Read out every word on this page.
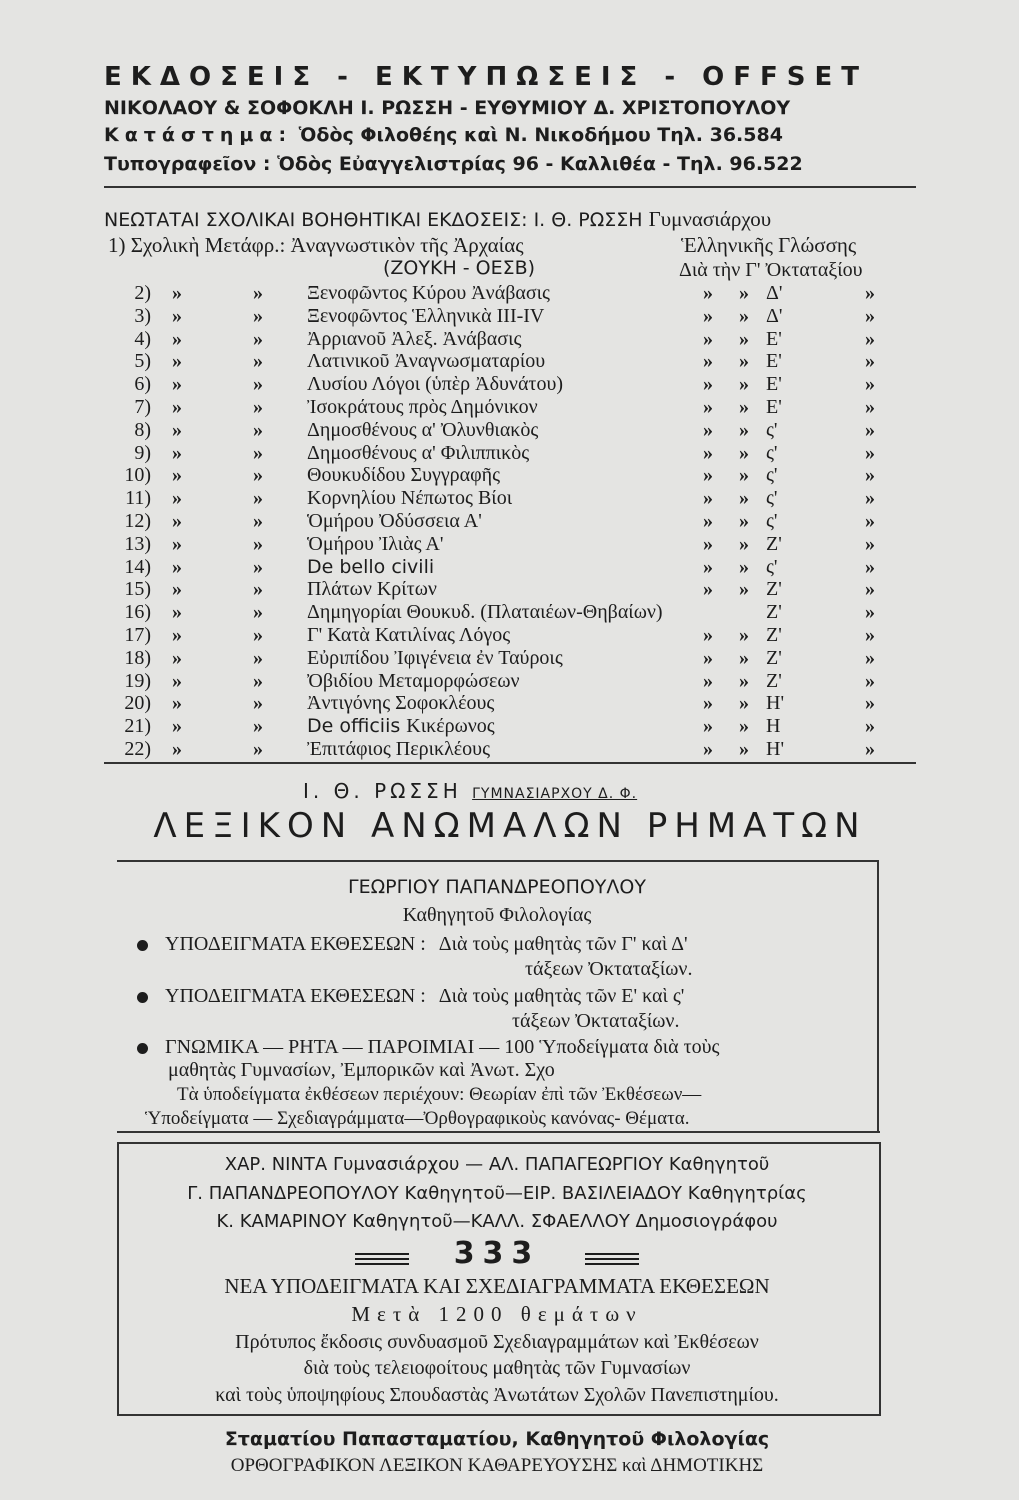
ΕΚΔΟΣΕΙΣ - ΕΚΤΥΠΩΣΕΙΣ - OFFSET
ΝΙΚΟΛΑΟΥ & ΣΟΦΟΚΛΗ Ι. ΡΩΣΣΗ - ΕΥΘΥΜΙΟΥ Δ. ΧΡΙΣΤΟΠΟΥΛΟΥ
Κατάστημα: Ὁδὸς Φιλοθέης καὶ Ν. Νικοδήμου Τηλ. 36.584
Τυπογραφεῖον : Ὁδὸς Εὐαγγελιστρίας 96 - Καλλιθέα - Τηλ. 96.522
ΝΕΩΤΑΤΑΙ ΣΧΟΛΙΚΑΙ ΒΟΗΘΗΤΙΚΑΙ ΕΚΔΟΣΕΙΣ: Ι. Θ. ΡΩΣΣΗ Γυμνασιάρχου
1) Σχολικὴ Μετάφρ.: Ἀναγνωστικὸν τῆς Ἀρχαίας	Ἑλληνικῆς Γλώσσης
(ΖΟΥΚΗ - ΟΕΣΒ)	Διὰ τὴν Γ' Ὀκταταξίου
2) »	» Ξενοφῶντος Κύρου Ἀνάβασις	» » Δ'	»
3) »	» Ξενοφῶντος Ἑλληνικὰ ΙΙΙ-ΙV	» » Δ'	»
4) »	» Ἀρριανοῦ Ἀλεξ. Ἀνάβασις	» » Ε'	»
5) »	» Λατινικοῦ Ἀναγνωσματαρίου	» » Ε'	»
6) »	» Λυσίου Λόγοι (ὑπὲρ Ἀδυνάτου)	» » Ε'	»
7) »	» Ἰσοκράτους πρὸς Δημόνικον	» » Ε'	»
8) »	» Δημοσθένους α' Ὀλυνθιακὸς	» » ς'	»
9) »	» Δημοσθένους α' Φιλιππικὸς	» » ς'	»
10) »	» Θουκυδίδου Συγγραφῆς	» » ς'	»
11) »	» Κορνηλίου Νέπωτος Βίοι	» » ς'	»
12) »	» Ὁμήρου Ὀδύσσεια Α'	» » ς'	»
13) »	» Ὁμήρου Ἰλιὰς Α'	» » Ζ'	»
14) »	» De bello civili	» » ς'	»
15) »	» Πλάτων Κρίτων	» » Ζ'	»
16) »	» Δημηγορίαι Θουκυδ. (Πλαταιέων-Θηβαίων)	Ζ'	»
17) »	» Γ' Κατὰ Κατιλίνας Λόγος	» » Ζ'	»
18) »	» Εὐριπίδου Ἰφιγένεια ἐν Ταύροις	» » Ζ'	»
19) »	» Ὀβιδίου Μεταμορφώσεων	» » Ζ'	»
20) »	» Ἀντιγόνης Σοφοκλέους	» » Η'	»
21) »	» De officiis Κικέρωνος	» » Η	»
22) »	» Ἐπιτάφιος Περικλέους	» » Η'	»
Ι. Θ. ΡΩΣΣΗ ΓΥΜΝΑΣΙΑΡΧΟΥ Δ. Φ.
ΛΕΞΙΚΟΝ ΑΝΩΜΑΛΩΝ ΡΗΜΑΤΩΝ
ΓΕΩΡΓΙΟΥ ΠΑΠΑΝΔΡΕΟΠΟΥΛΟΥ
Καθηγητοῦ Φιλολογίας
ΥΠΟΔΕΙΓΜΑΤΑ ΕΚΘΕΣΕΩΝ : Διὰ τοὺς μαθητὰς τῶν Γ' καὶ Δ'
τάξεων Ὀκταταξίων.
ΥΠΟΔΕΙΓΜΑΤΑ ΕΚΘΕΣΕΩΝ : Διὰ τοὺς μαθητὰς τῶν Ε' καὶ ς'
τάξεων Ὀκταταξίων.
ΓΝΩΜΙΚΑ — ΡΗΤΑ — ΠΑΡΟΙΜΙΑΙ — 100 Ὑποδείγματα διὰ τοὺς
μαθητὰς Γυμνασίων, Ἐμπορικῶν καὶ Ἀνωτ. Σχο
Τὰ ὑποδείγματα ἐκθέσεων περιέχουν: Θεωρίαν ἐπὶ τῶν Ἐκθέσεων—
Ὑποδείγματα — Σχεδιαγράμματα—Ὀρθογραφικοὺς κανόνας- Θέματα.
ΧΑΡ. ΝΙΝΤΑ Γυμνασιάρχου — ΑΛ. ΠΑΠΑΓΕΩΡΓΙΟΥ Καθηγητοῦ
Γ. ΠΑΠΑΝΔΡΕΟΠΟΥΛΟΥ Καθηγητοῦ—ΕΙΡ. ΒΑΣΙΛΕΙΑΔΟΥ Καθηγητρίας
Κ. ΚΑΜΑΡΙΝΟΥ Καθηγητοῦ—ΚΑΛΛ. ΣΦΑΕΛΛΟΥ Δημοσιογράφου
333
ΝΕΑ ΥΠΟΔΕΙΓΜΑΤΑ ΚΑΙ ΣΧΕΔΙΑΓΡΑΜΜΑΤΑ ΕΚΘΕΣΕΩΝ
Μετὰ 1200 θεμάτων
Πρότυπος ἔκδοσις συνδυασμοῦ Σχεδιαγραμμάτων καὶ Ἐκθέσεων
διὰ τοὺς τελειοφοίτους μαθητὰς τῶν Γυμνασίων
καὶ τοὺς ὑποψηφίους Σπουδαστὰς Ἀνωτάτων Σχολῶν Πανεπιστημίου.
Σταματίου Παπασταματίου, Καθηγητοῦ Φιλολογίας
ΟΡΘΟΓΡΑΦΙΚΟΝ ΛΕΞΙΚΟΝ ΚΑΘΑΡΕΥΟΥΣΗΣ καὶ ΔΗΜΟΤΙΚΗΣ
